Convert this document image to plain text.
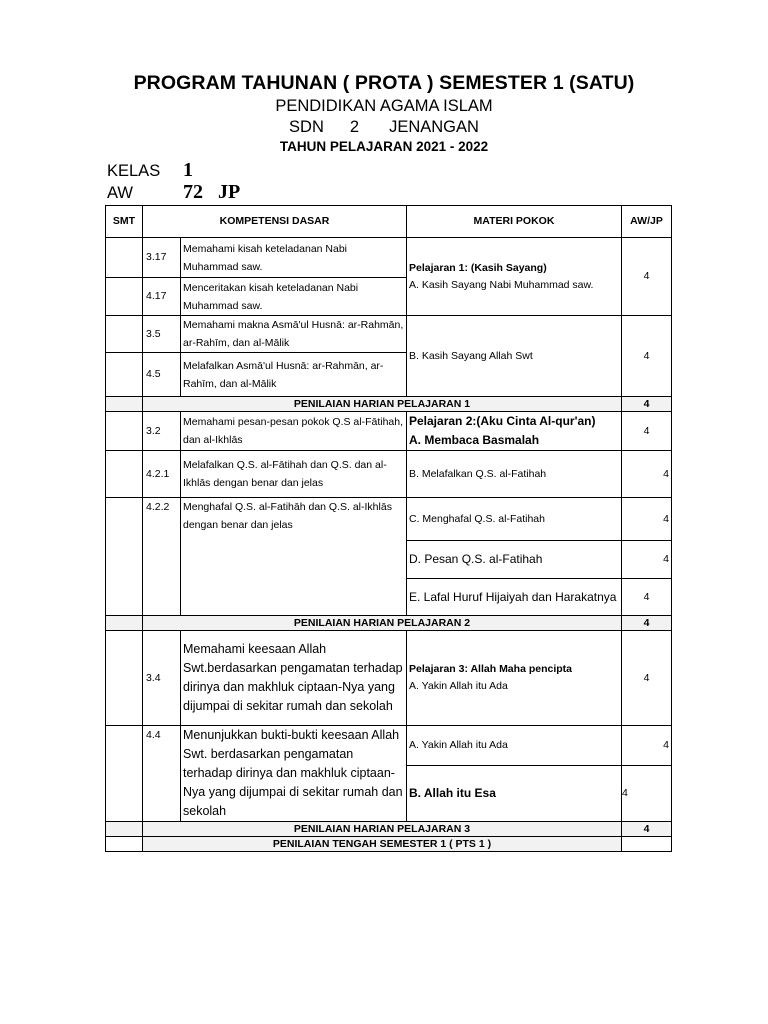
PROGRAM TAHUNAN ( PROTA ) SEMESTER 1 (SATU)
PENDIDIKAN AGAMA ISLAM
SDN 2 JENANGAN
TAHUN PELAJARAN 2021 - 2022
KELAS 1
AW	72   JP
SMT	KOMPETENSI DASAR		MATERI POKOK	AW/JP
	3.17	Memahami kisah keteladanan Nabi Muhammad saw.	Pelajaran 1: (Kasih Sayang)
A. Kasih Sayang Nabi Muhammad saw.	4
	4.17	Menceritakan kisah keteladanan Nabi Muhammad saw.		
	3.5	Memahami makna Asmā'ul Husnā: ar-Rahmān, ar-Rahīm, dan al-Mālik	B. Kasih Sayang Allah Swt	4
	4.5	Melafalkan Asmā'ul Husnā: ar-Rahmān, ar-Rahīm, dan al-Mālik		
	PENILAIAN HARIAN PELAJARAN 1			4
	3.2	Memahami pesan-pesan pokok Q.S al-Fātihah, dan al-Ikhlās	Pelajaran 2:(Aku Cinta Al-qur'an)
A. Membaca Basmalah	4
	4.2.1	Melafalkan Q.S. al-Fātihah dan Q.S. dan al-Ikhlās dengan benar dan jelas	B. Melafalkan Q.S. al-Fatihah	4
	4.2.2	Menghafal Q.S. al-Fatihāh dan Q.S. al-Ikhlās dengan benar dan jelas	C. Menghafal Q.S. al-Fatihah	4
			D. Pesan Q.S. al-Fatihah	4
			E. Lafal Huruf Hijaiyah dan Harakatnya	4
	PENILAIAN HARIAN PELAJARAN 2			4
	3.4	Memahami keesaan Allah Swt.berdasarkan pengamatan terhadap dirinya dan makhluk ciptaan-Nya yang dijumpai di sekitar rumah dan sekolah	Pelajaran 3: Allah Maha pencipta
A. Yakin Allah itu Ada	4
	4.4	Menunjukkan bukti-bukti keesaan Allah Swt. berdasarkan pengamatan terhadap dirinya dan makhluk ciptaan-Nya yang dijumpai di sekitar rumah dan sekolah	A. Yakin Allah itu Ada	4
			B. Allah itu Esa	4
	PENILAIAN HARIAN PELAJARAN 3			4
	PENILAIAN TENGAH SEMESTER 1 ( PTS 1 )			
